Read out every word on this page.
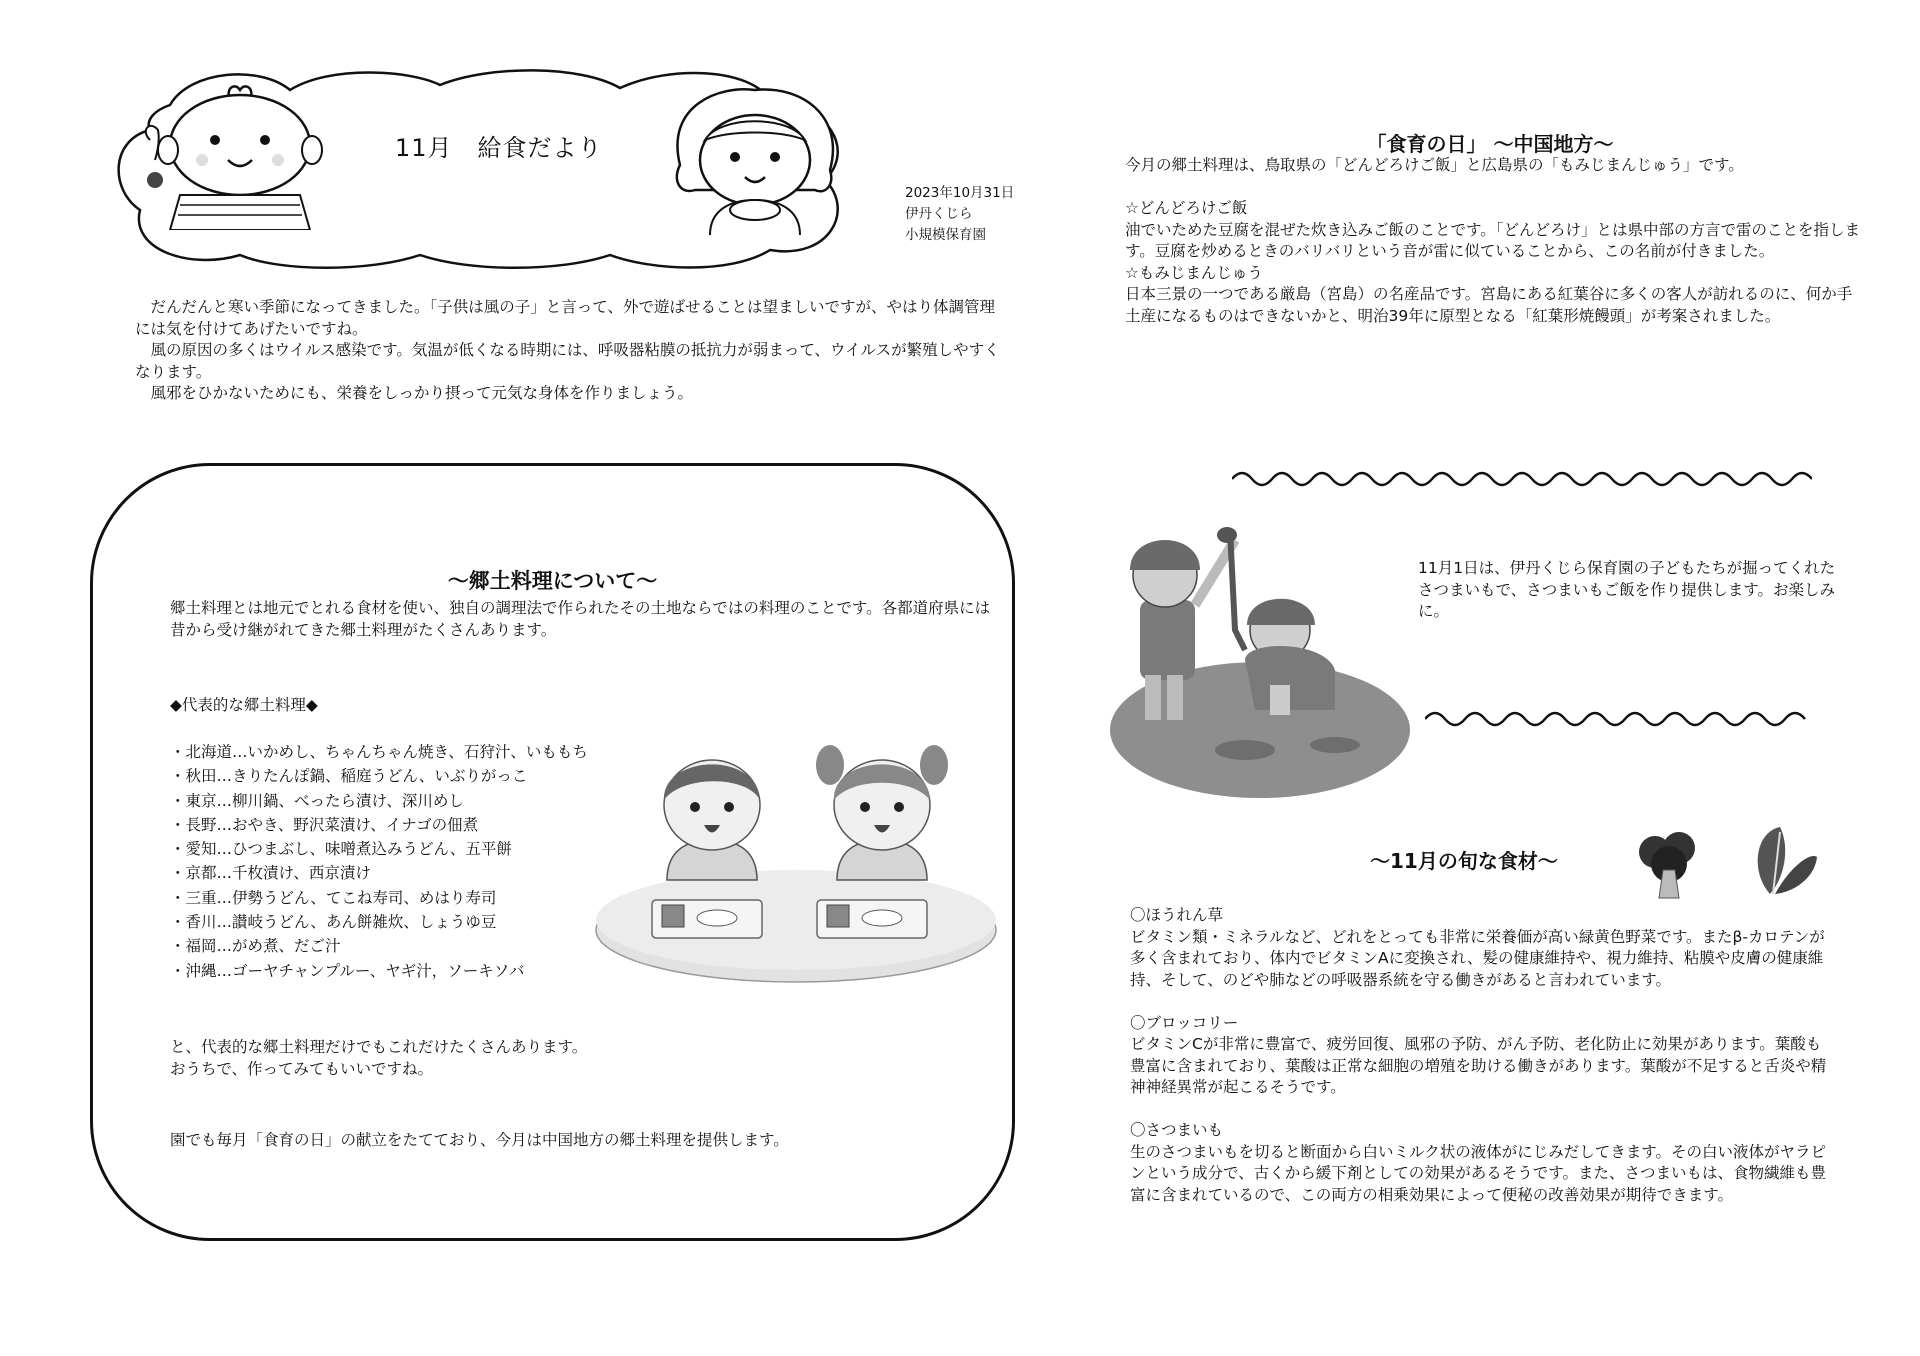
11月　給食だより
2023年10月31日
伊丹くじら
小規模保育園

　だんだんと寒い季節になってきました。「子供は風の子」と言って、外で遊ばせることは望ましいですが、やはり体調管理には気を付けてあげたいですね。

　風の原因の多くはウイルス感染です。気温が低くなる時期には、呼吸器粘膜の抵抗力が弱まって、ウイルスが繁殖しやすくなります。

　風邪をひかないためにも、栄養をしっかり摂って元気な身体を作りましょう。

～郷土料理について～
郷土料理とは地元でとれる食材を使い、独自の調理法で作られたその土地ならではの料理のことです。各都道府県には昔から受け継がれてきた郷土料理がたくさんあります。
◆代表的な郷土料理◆

・北海道…いかめし、ちゃんちゃん焼き、石狩汁、いももち

・秋田…きりたんぽ鍋、稲庭うどん、いぶりがっこ

・東京…柳川鍋、べったら漬け、深川めし

・長野…おやき、野沢菜漬け、イナゴの佃煮

・愛知…ひつまぶし、味噌煮込みうどん、五平餅

・京都…千枚漬け、西京漬け

・三重…伊勢うどん、てこね寿司、めはり寿司

・香川…讃岐うどん、あん餅雑炊、しょうゆ豆

・福岡…がめ煮、だご汁

・沖縄…ゴーヤチャンプルー、ヤギ汁，ソーキソバ

と、代表的な郷土料理だけでもこれだけたくさんあります。
おうちで、作ってみてもいいですね。
園でも毎月「食育の日」の献立をたてており、今月は中国地方の郷土料理を提供します。
「食育の日」 ～中国地方～

今月の郷土料理は、鳥取県の「どんどろけご飯」と広島県の「もみじまんじゅう」です。

☆どんどろけご飯

油でいためた豆腐を混ぜた炊き込みご飯のことです。「どんどろけ」とは県中部の方言で雷のことを指します。豆腐を炒めるときのバリバリという音が雷に似ていることから、この名前が付きました。

☆もみじまんじゅう

日本三景の一つである厳島（宮島）の名産品です。宮島にある紅葉谷に多くの客人が訪れるのに、何か手土産になるものはできないかと、明治39年に原型となる「紅葉形焼饅頭」が考案されました。

11月1日は、伊丹くじら保育園の子どもたちが掘ってくれたさつまいもで、さつまいもご飯を作り提供します。お楽しみに。
～11月の旬な食材～

〇ほうれん草

ビタミン類・ミネラルなど、どれをとっても非常に栄養価が高い緑黄色野菜です。またβ-カロテンが多く含まれており、体内でビタミンAに変換され、髪の健康維持や、視力維持、粘膜や皮膚の健康維持、そして、のどや肺などの呼吸器系統を守る働きがあると言われています。

〇ブロッコリー

ビタミンCが非常に豊富で、疲労回復、風邪の予防、がん予防、老化防止に効果があります。葉酸も豊富に含まれており、葉酸は正常な細胞の増殖を助ける働きがあります。葉酸が不足すると舌炎や精神神経異常が起こるそうです。

〇さつまいも

生のさつまいもを切ると断面から白いミルク状の液体がにじみだしてきます。その白い液体がヤラピンという成分で、古くから緩下剤としての効果があるそうです。また、さつまいもは、食物繊維も豊富に含まれているので、この両方の相乗効果によって便秘の改善効果が期待できます。
